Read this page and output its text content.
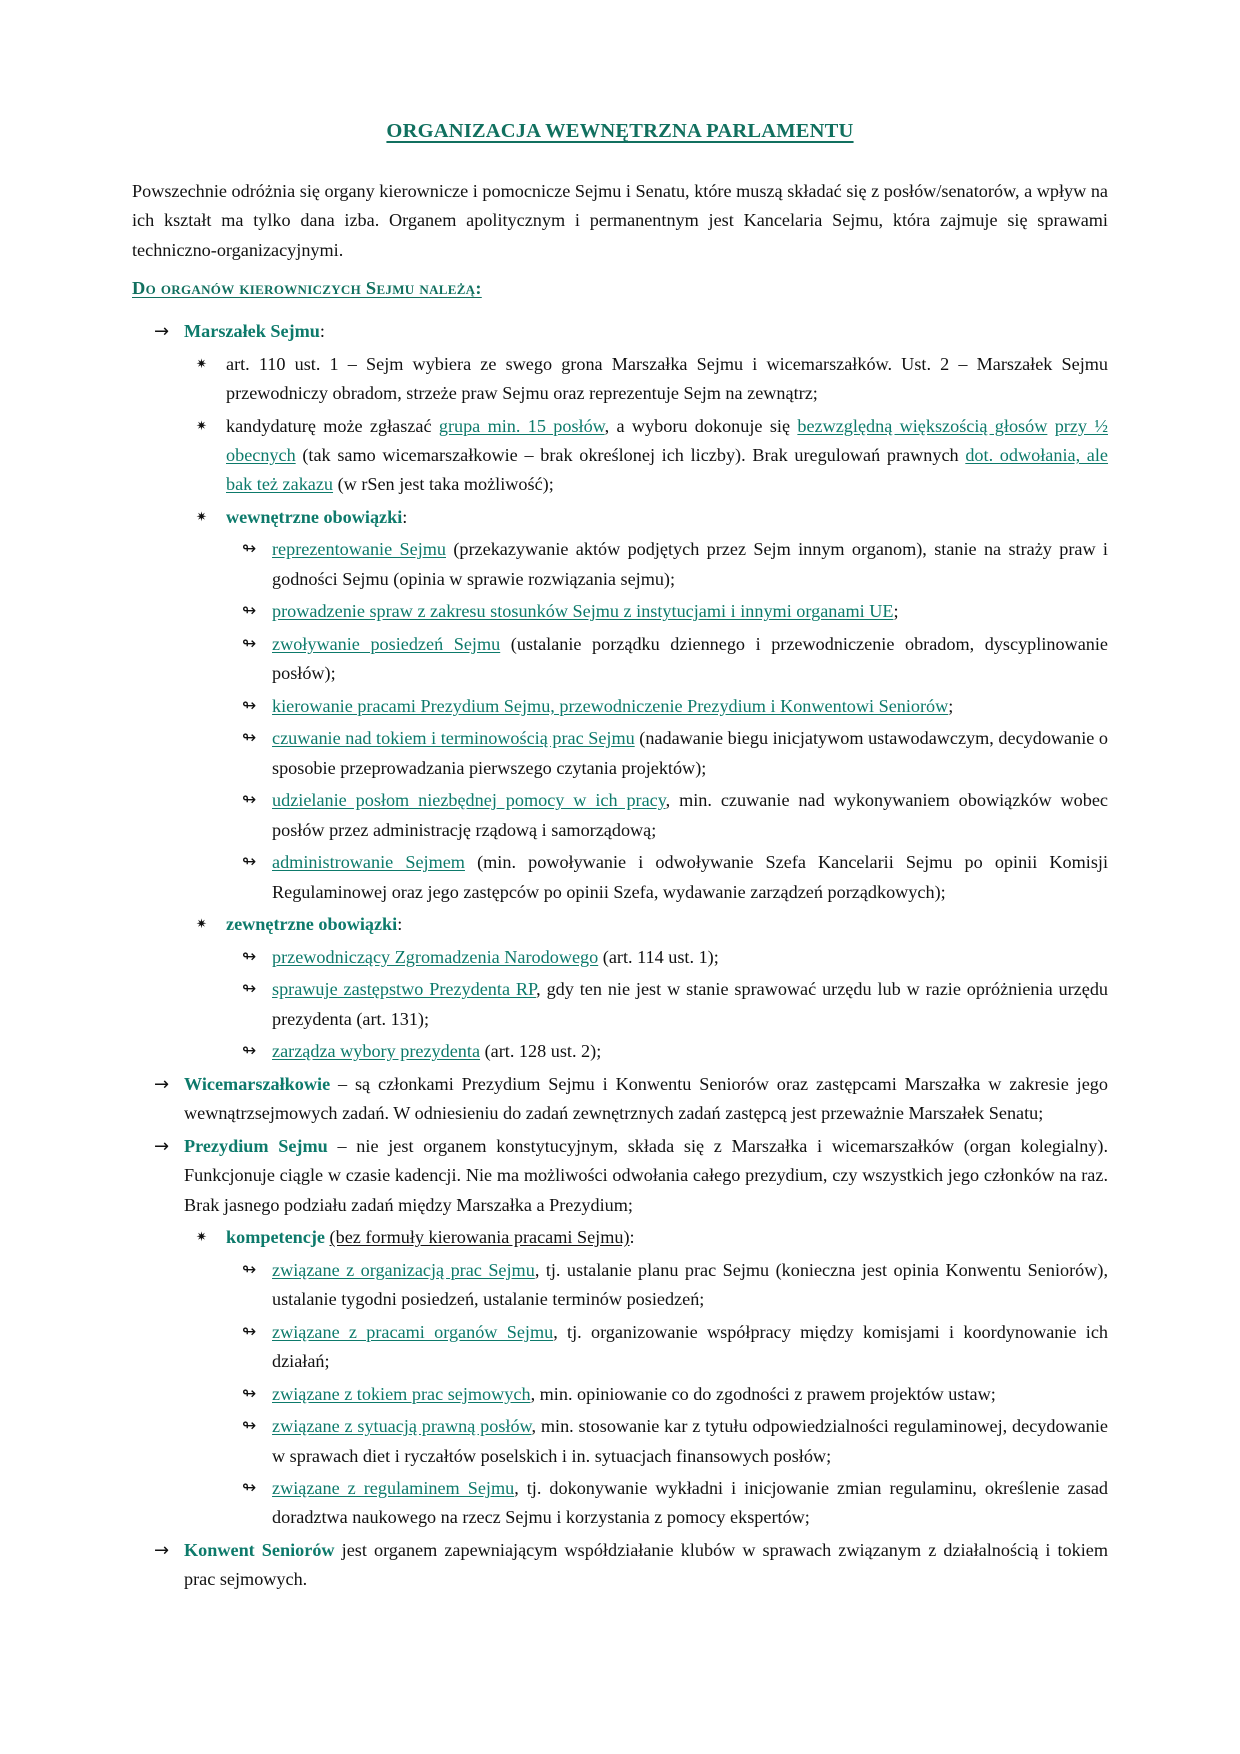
ORGANIZACJA WEWNĘTRZNA PARLAMENTU

Powszechnie odróżnia się organy kierownicze i pomocnicze Sejmu i Senatu, które muszą składać się z posłów/senatorów, a wpływ na ich kształt ma tylko dana izba. Organem apolitycznym i permanentnym jest Kancelaria Sejmu, która zajmuje się sprawami techniczno-organizacyjnymi.

Do organów kierowniczych Sejmu należą:
→ Marszałek Sejmu:
✷	art. 110 ust. 1 – Sejm wybiera ze swego grona Marszałka Sejmu i wicemarszałków. Ust. 2 – Marszałek Sejmu przewodniczy obradom, strzeże praw Sejmu oraz reprezentuje Sejm na zewnątrz;
✷	kandydaturę może zgłaszać grupa min. 15 posłów, a wyboru dokonuje się bezwzględną większością głosów przy ½ obecnych (tak samo wicemarszałkowie – brak określonej ich liczby). Brak uregulowań prawnych dot. odwołania, ale bak też zakazu (w rSen jest taka możliwość);
✷	wewnętrzne obowiązki:
↬ reprezentowanie Sejmu (przekazywanie aktów podjętych przez Sejm innym organom), stanie na straży praw i godności Sejmu (opinia w sprawie rozwiązania sejmu);
↬ prowadzenie spraw z zakresu stosunków Sejmu z instytucjami i innymi organami UE;
↬ zwoływanie posiedzeń Sejmu (ustalanie porządku dziennego i przewodniczenie obradom, dyscyplinowanie posłów);
↬ kierowanie pracami Prezydium Sejmu, przewodniczenie Prezydium i Konwentowi Seniorów;
↬ czuwanie nad tokiem i terminowością prac Sejmu (nadawanie biegu inicjatywom ustawodawczym, decydowanie o sposobie przeprowadzania pierwszego czytania projektów);
↬ udzielanie posłom niezbędnej pomocy w ich pracy, min. czuwanie nad wykonywaniem obowiązków wobec posłów przez administrację rządową i samorządową;
↬ administrowanie Sejmem (min. powoływanie i odwoływanie Szefa Kancelarii Sejmu po opinii Komisji Regulaminowej oraz jego zastępców po opinii Szefa, wydawanie zarządzeń porządkowych);
✷	zewnętrzne obowiązki:
↬ przewodniczący Zgromadzenia Narodowego (art. 114 ust. 1);
↬ sprawuje zastępstwo Prezydenta RP, gdy ten nie jest w stanie sprawować urzędu lub w razie opróżnienia urzędu prezydenta (art. 131);
↬ zarządza wybory prezydenta (art. 128 ust. 2);
→ Wicemarszałkowie – są członkami Prezydium Sejmu i Konwentu Seniorów oraz zastępcami Marszałka w zakresie jego wewnątrzsejmowych zadań. W odniesieniu do zadań zewnętrznych zadań zastępcą jest przeważnie Marszałek Senatu;
→ Prezydium Sejmu – nie jest organem konstytucyjnym, składa się z Marszałka i wicemarszałków (organ kolegialny). Funkcjonuje ciągle w czasie kadencji. Nie ma możliwości odwołania całego prezydium, czy wszystkich jego członków na raz. Brak jasnego podziału zadań między Marszałka a Prezydium;
✷	kompetencje (bez formuły kierowania pracami Sejmu):
↬ związane z organizacją prac Sejmu, tj. ustalanie planu prac Sejmu (konieczna jest opinia Konwentu Seniorów), ustalanie tygodni posiedzeń, ustalanie terminów posiedzeń;
↬ związane z pracami organów Sejmu, tj. organizowanie współpracy między komisjami i koordynowanie ich działań;
↬ związane z tokiem prac sejmowych, min. opiniowanie co do zgodności z prawem projektów ustaw;
↬ związane z sytuacją prawną posłów, min. stosowanie kar z tytułu odpowiedzialności regulaminowej, decydowanie w sprawach diet i ryczałtów poselskich i in. sytuacjach finansowych posłów;
↬ związane z regulaminem Sejmu, tj. dokonywanie wykładni i inicjowanie zmian regulaminu, określenie zasad doradztwa naukowego na rzecz Sejmu i korzystania z pomocy ekspertów;
→ Konwent Seniorów jest organem zapewniającym współdziałanie klubów w sprawach związanym z działalnością i tokiem prac sejmowych.
